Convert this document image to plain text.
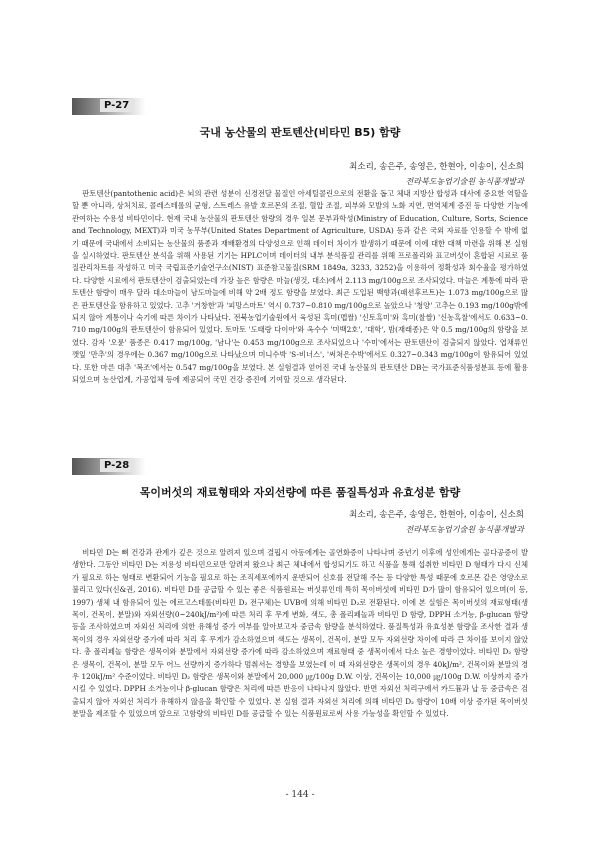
P-27
국내 농산물의 판토텐산(비타민 B5) 함량
최소리, 송은주, 송영은, 한현아, 이송이, 신소희
전라북도농업기술원 농식품개발과

판토텐산(pantothenic acid)은 뇌의 관련 성분이 신경전달 물질인 아세틸콜린으로의 전환을 돕고 체내 지방산 합성과 대사에 중요한 역할을 할 뿐 아니라, 상처치료, 콜레스테롤의 균형, 스트레스 유발 호르몬의 조절, 혈압 조절, 피부와 모발의 노화 지연, 면역체계 증진 등 다양한 기능에 관여하는 수용성 비타민이다. 현재 국내 농산물의 판토텐산 함량의 경우 일본 문부과학성(Ministry of Education, Culture, Sorts, Science and Technology, MEXT)과 미국 농무부(United States Department of Agriculture, USDA) 등과 같은 국외 자료를 인용할 수 밖에 없기 때문에 국내에서 소비되는 농산물의 품종과 재배환경의 다양성으로 인해 데이터 차이가 발생하기 때문에 이에 대한 대책 마련을 위해 본 실험을 실시하였다. 판토텐산 분석을 위해 사용된 기기는 HPLC이며 데이터의 내부 분석품질 관리를 위해 프로폴리와 표고버섯이 혼합된 시료로 품질관리차트를 작성하고 미국 국립표준기술연구소(NIST) 표준참고물질(SRM 1849a, 3233, 3252)을 이용하여 정확성과 회수율을 평가하였다. 다양한 시료에서 판토텐산이 검출되었는데 가장 높은 함량은 마늘(생것, 대소)에서 2.113 mg/100g으로 조사되었다. 마늘은 계통에 따라 판토텐산 함량이 매우 달라 대소마늘이 남도마늘에 비해 약 2배 정도 함량을 보였다. 최근 도입된 백향과(패션후르트)는 1.073 mg/100g으로 많은 판토텐산을 함유하고 있었다. 고추 '거창한'과 '피망스마트' 역시 0.737~0.810 mg/100g으로 높았으나 '청양' 고추는 0.193 mg/100g밖에 되지 않아 계통이나 숙기에 따른 차이가 나타났다. 전북농업기술원에서 육성된 흑미(멥쌀) '신토흑미'와 흑미(찰쌀) '신농흑찰'에서도 0.633~0.710 mg/100g의 판토텐산이 함유되어 있었다. 토마토 '도태랑 다이아'와 옥수수 '미백2호', '대학', 밤(재래종)은 약 0.5 mg/100g의 함량을 보였다. 감자 '오륜' 품종은 0.417 mg/100g, '남나'는 0.453 mg/100g으로 조사되었으나 '수미'에서는 판토텐산이 검출되지 않았다. 엽채류인 깻잎 '만추'의 경우에는 0.367 mg/100g으로 나타났으며 미니수박 'S-비너스', '써쳐은수박'에서도 0.327~0.343 mg/100g이 함유되어 있었다. 또한 마른 대추 '복조'에서는 0.547 mg/100g을 보였다. 본 실험결과 얻어진 국내 농산물의 판토텐산 DB는 국가표준식품성분표 등에 활용되었으며 농산업계, 가공업체 등에 제공되어 국민 건강 증진에 기여할 것으로 생각된다.

P-28
목이버섯의 재료형태와 자외선량에 따른 품질특성과 유효성분 함량
최소리, 송은주, 송영은, 한현아, 이송이, 신소희
전라북도농업기술원 농식품개발과

비타민 D는 뼈 건강과 관계가 깊은 것으로 알려져 있으며 결핍시 아동에게는 골연화증이 나타나며 중년기 이후에 성인에게는 골다공증이 발생한다. 그동안 비타민 D는 저용성 비타민으로만 알려져 왔으나 최근 체내에서 합성되기도 하고 식품을 통해 섭취한 비타민 D 형태가 다시 신체가 필요로 하는 형태로 변환되어 기능을 필요로 하는 조직세포에까지 운반되어 신호를 전달해 주는 등 다양한 특성 때문에 호르몬 같은 영양소로 불리고 있다(신&권, 2016). 비타민 D를 공급할 수 있는 좋은 식품원료는 버섯류인데 특히 목이버섯에 비타민 D가 많이 함유되어 있으며(이 등, 1997) 생체 내 함유되어 있는 에르고스테롤(비타민 D₂ 전구체)는 UVB에 의해 비타민 D₂로 전환된다. 이에 본 실험은 목이버섯의 재료형태(생목이, 건목이, 분말)와 자외선량(0~240kJ/m²)에 따른 처리 후 무게 변화, 색도, 총 폴리페놀과 비타민 D 함량, DPPH 소거능, β-glucan 함량 등을 조사하였으며 자외선 처리에 의한 유해성 증가 여부를 알아보고자 중금속 함량을 분석하였다. 품질특성과 유효성분 함량을 조사한 결과 생목이의 경우 자외선량 증가에 따라 처리 후 무게가 감소하였으며 색도는 생목이, 건목이, 분말 모두 자외선량 차이에 따라 큰 차이를 보이지 않았다. 총 폴리페놀 함량은 생목이와 분말에서 자외선량 증가에 따라 감소하였으며 재료형태 중 생목이에서 다소 높은 경향이었다. 비타민 D₂ 함량은 생목이, 건목이, 분말 모두 어느 선량까지 증가하다 멈춰서는 경향을 보였는데 이 때 자외선량은 생목이의 경우 40kJ/m², 건목이와 분말의 경우 120kJ/m² 수준이었다. 비타민 D₂ 함량은 생목이와 분말에서 20,000 ㎍/100g D.W. 이상, 건목이는 10,000 ㎍/100g D.W. 이상까지 증가시킬 수 있었다. DPPH 소거능이나 β-glucan 함량은 처리에 따른 반응이 나타나지 않았다. 반면 자외선 처리구에서 카드뮴과 납 등 중금속은 검출되지 않아 자외선 처리가 유해하지 않음을 확인할 수 있었다. 본 실험 결과 자외선 처리에 의해 비타민 D₂ 함량이 10배 이상 증가된 목이버섯 분말을 제조할 수 있었으며 앞으로 고함량의 비타민 D를 공급할 수 있는 식품원료로써 사용 가능성을 확인할 수 있었다.

- 144 -
